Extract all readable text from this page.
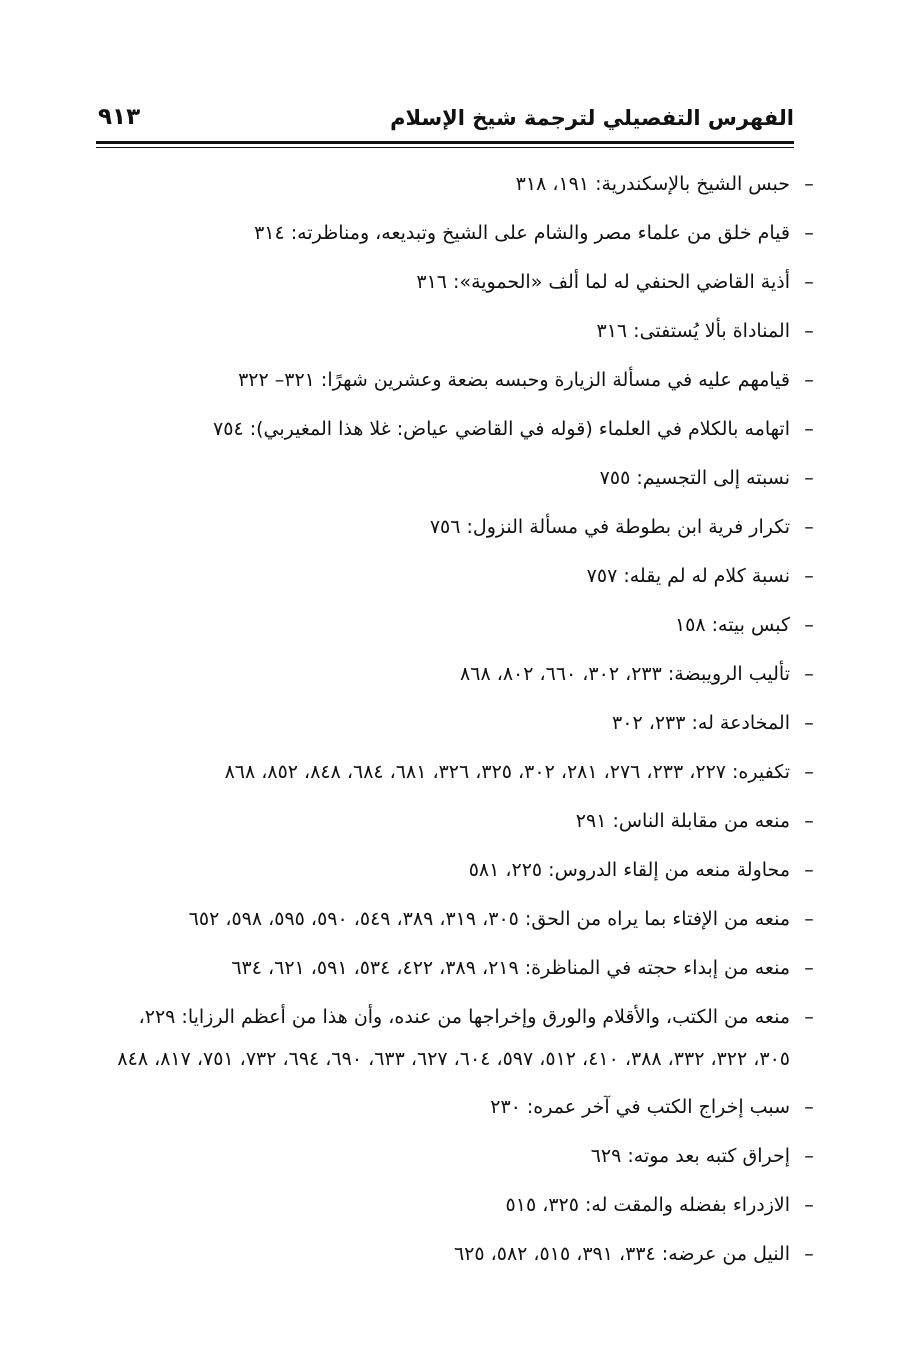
الفهرس التفصيلي لترجمة شيخ الإسلام
٩١٣
–
حبس الشيخ بالإسكندرية: ١٩١، ٣١٨
–
قيام خلق من علماء مصر والشام على الشيخ وتبديعه، ومناظرته: ٣١٤
–
أذية القاضي الحنفي له لما ألف «الحموية»: ٣١٦
–
المناداة بألا يُستفتى: ٣١٦
–
قيامهم عليه في مسألة الزيارة وحبسه بضعة وعشرين شهرًا: ٣٢١– ٣٢٢
–
اتهامه بالكلام في العلماء (قوله في القاضي عياض: غلا هذا المغيربي): ٧٥٤
–
نسبته إلى التجسيم: ٧٥٥
–
تكرار فرية ابن بطوطة في مسألة النزول: ٧٥٦
–
نسبة كلام له لم يقله: ٧٥٧
–
كبس بيته: ١٥٨
–
تأليب الرويبضة: ٢٣٣، ٣٠٢، ٦٦٠، ٨٠٢، ٨٦٨
–
المخادعة له: ٢٣٣، ٣٠٢
–
تكفيره: ٢٢٧، ٢٣٣، ٢٧٦، ٢٨١، ٣٠٢، ٣٢٥، ٣٢٦، ٦٨١، ٦٨٤، ٨٤٨، ٨٥٢، ٨٦٨
–
منعه من مقابلة الناس: ٢٩١
–
محاولة منعه من إلقاء الدروس: ٢٢٥، ٥٨١
–
منعه من الإفتاء بما يراه من الحق: ٣٠٥، ٣١٩، ٣٨٩، ٥٤٩، ٥٩٠، ٥٩٥، ٥٩٨، ٦٥٢
–
منعه من إبداء حجته في المناظرة: ٢١٩، ٣٨٩، ٤٢٢، ٥٣٤، ٥٩١، ٦٢١، ٦٣٤
–
منعه من الكتب، والأقلام والورق وإخراجها من عنده، وأن هذا من أعظم الرزايا: ٢٢٩، ٣٠٥، ٣٢٢، ٣٣٢، ٣٨٨، ٤١٠، ٥١٢، ٥٩٧، ٦٠٤، ٦٢٧، ٦٣٣، ٦٩٠، ٦٩٤، ٧٣٢، ٧٥١، ٨١٧، ٨٤٨
–
سبب إخراج الكتب في آخر عمره: ٢٣٠
–
إحراق كتبه بعد موته: ٦٢٩
–
الازدراء بفضله والمقت له: ٣٢٥، ٥١٥
–
النيل من عرضه: ٣٣٤، ٣٩١، ٥١٥، ٥٨٢، ٦٢٥
